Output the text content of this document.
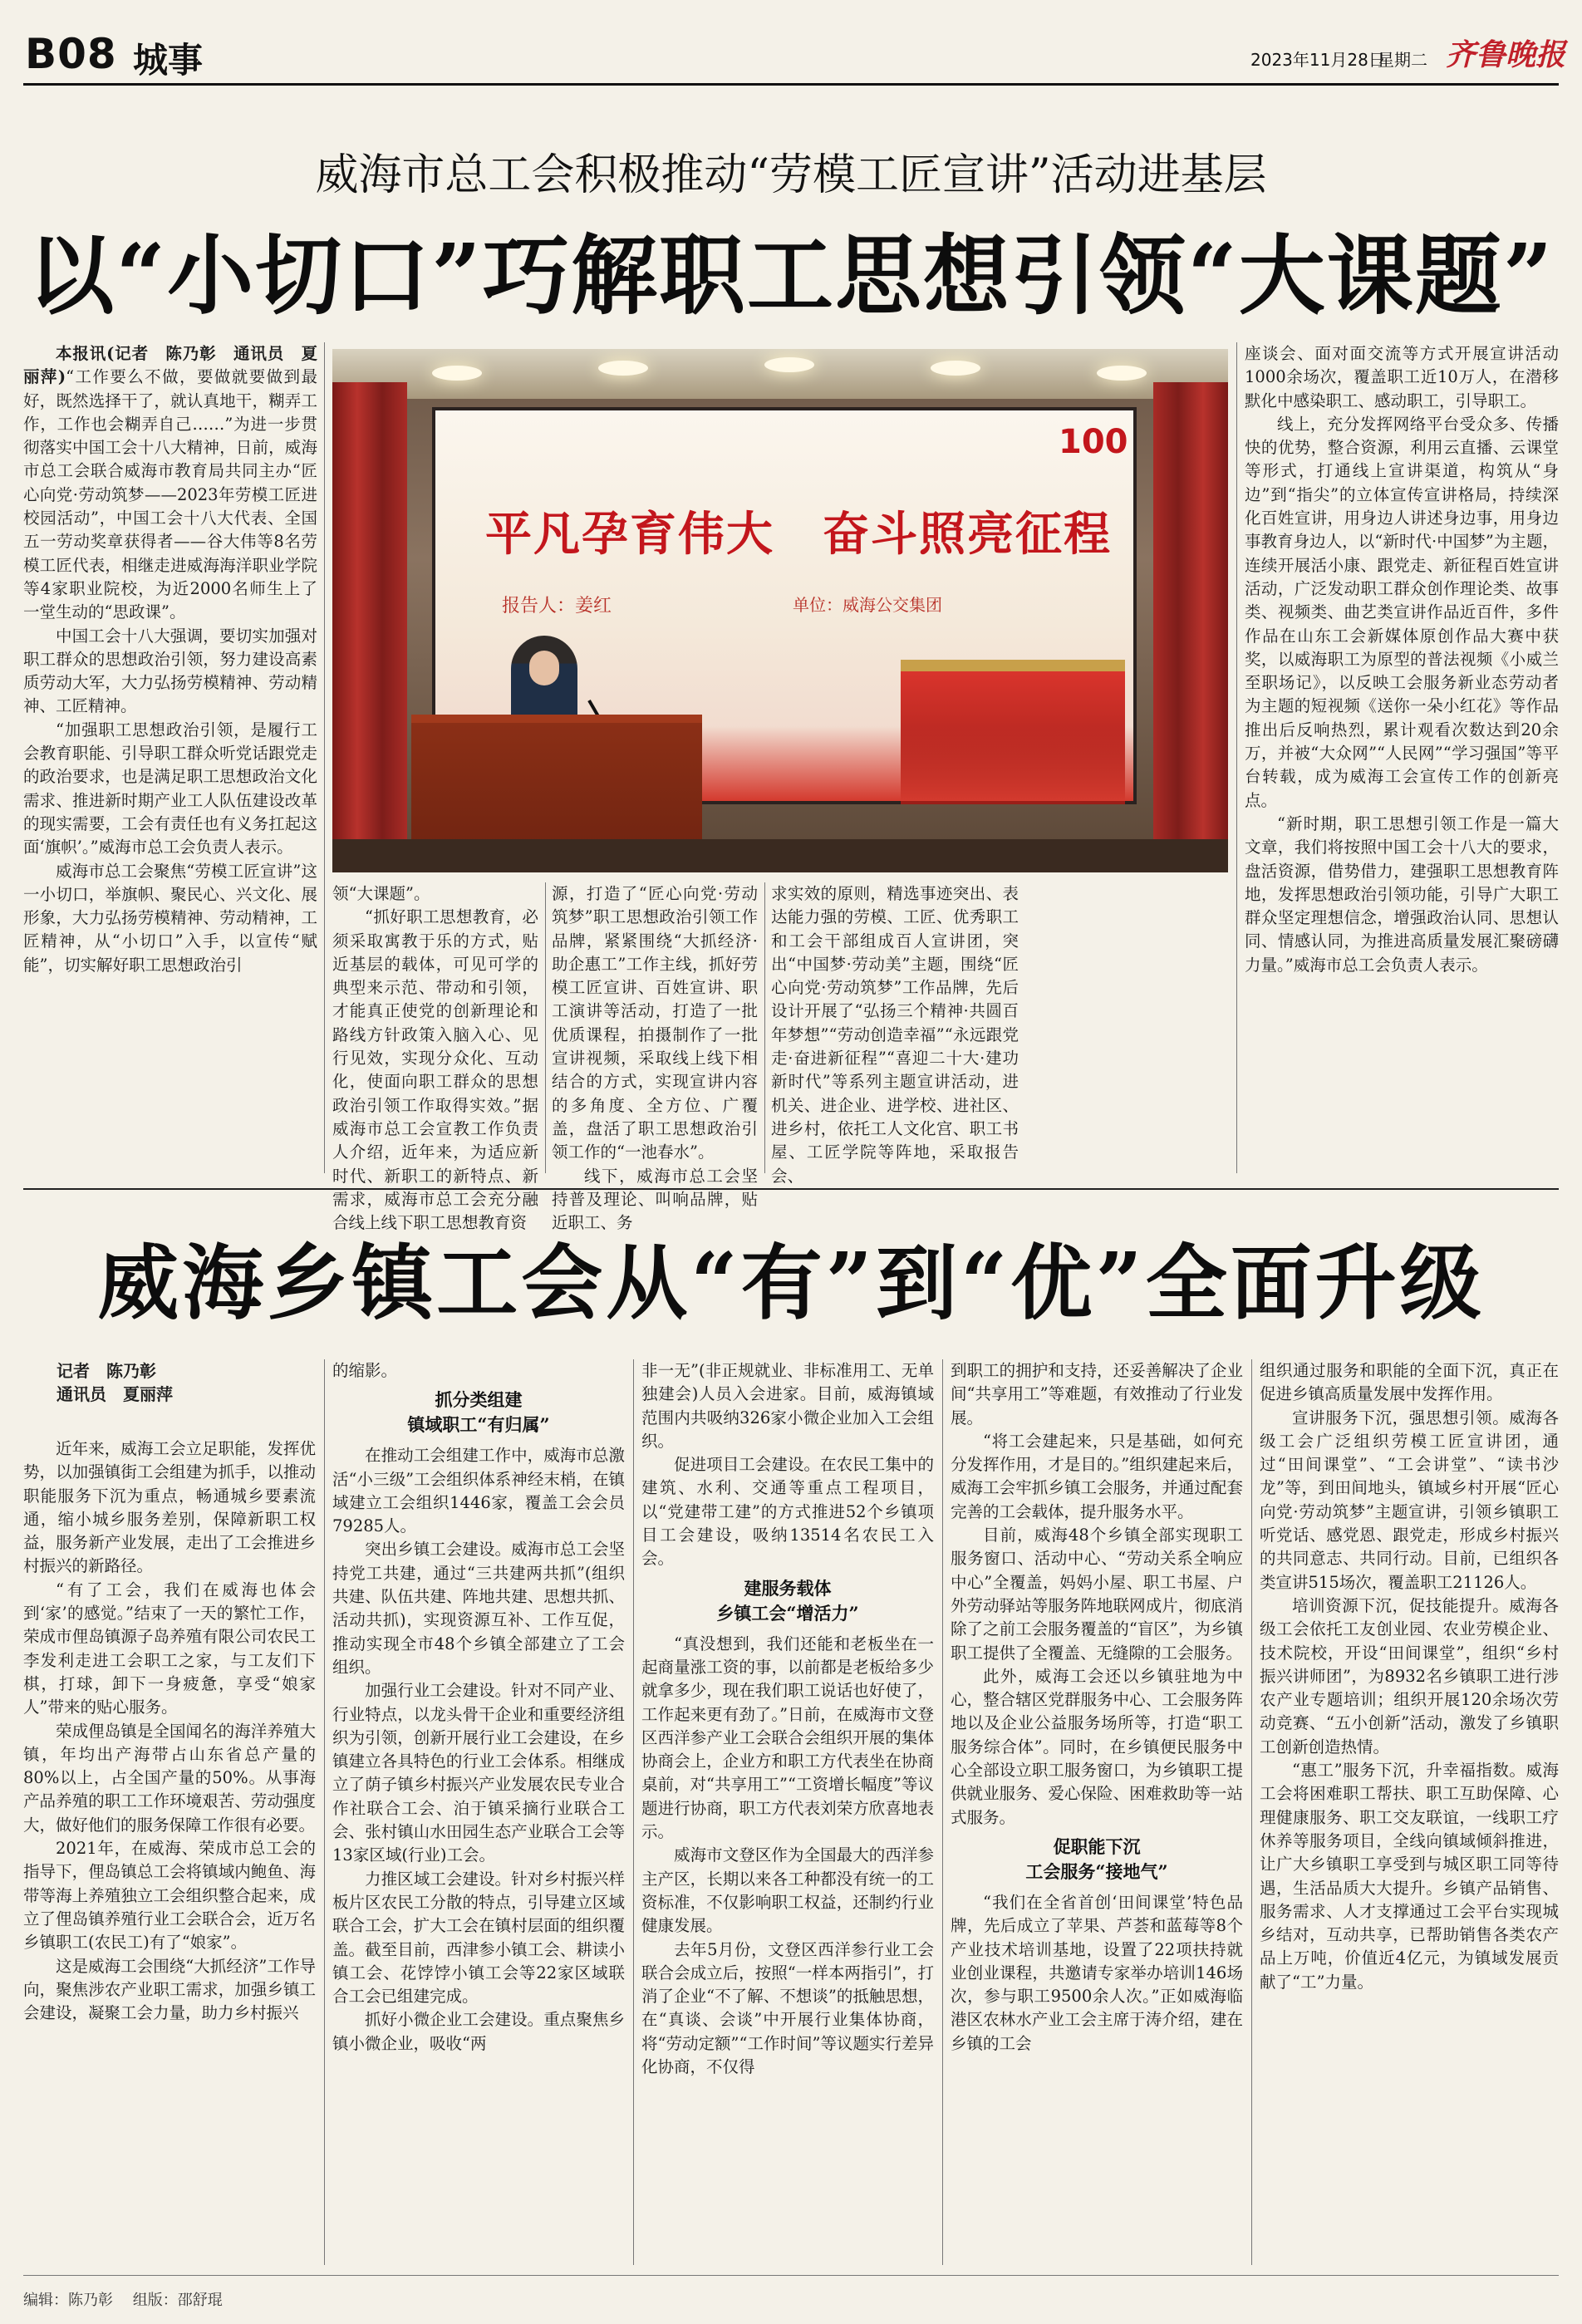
B08 城事	2023年11月28日
星期二 齐鲁晚报
威海市总工会积极推动“劳模工匠宣讲”活动进基层
以“小切口”巧解职工思想引领“大课题”

本报讯(记者　陈乃彰　通讯员　夏丽萍)“工作要么不做，要做就要做到最好，既然选择干了，就认真地干，糊弄工作，工作也会糊弄自己……”为进一步贯彻落实中国工会十八大精神，日前，威海市总工会联合威海市教育局共同主办“匠心向党·劳动筑梦——2023年劳模工匠进校园活动”，中国工会十八大代表、全国五一劳动奖章获得者——谷大伟等8名劳模工匠代表，相继走进威海海洋职业学院等4家职业院校，为近2000名师生上了一堂生动的“思政课”。

中国工会十八大强调，要切实加强对职工群众的思想政治引领，努力建设高素质劳动大军，大力弘扬劳模精神、劳动精神、工匠精神。

“加强职工思想政治引领，是履行工会教育职能、引导职工群众听党话跟党走的政治要求，也是满足职工思想政治文化需求、推进新时期产业工人队伍建设改革的现实需要，工会有责任也有义务扛起这面‘旗帜’。”威海市总工会负责人表示。

威海市总工会聚焦“劳模工匠宣讲”这一小切口，举旗帜、聚民心、兴文化、展形象，大力弘扬劳模精神、劳动精神，工匠精神，从“小切口”入手，以宣传“赋能”，切实解好职工思想政治引

100
平凡孕育伟大　奋斗照亮征程
报告人：姜红	单位：威海公交集团

领“大课题”。

“抓好职工思想教育，必须采取寓教于乐的方式，贴近基层的载体，可见可学的典型来示范、带动和引领，才能真正使党的创新理论和路线方针政策入脑入心、见行见效，实现分众化、互动化，使面向职工群众的思想政治引领工作取得实效。”据威海市总工会宣教工作负责人介绍，近年来，为适应新时代、新职工的新特点、新需求，威海市总工会充分融合线上线下职工思想教育资

源，打造了“匠心向党·劳动筑梦”职工思想政治引领工作品牌，紧紧围绕“大抓经济·助企惠工”工作主线，抓好劳模工匠宣讲、百姓宣讲、职工演讲等活动，打造了一批优质课程，拍摄制作了一批宣讲视频，采取线上线下相结合的方式，实现宣讲内容的多角度、全方位、广覆盖，盘活了职工思想政治引领工作的“一池春水”。

线下，威海市总工会坚持普及理论、叫响品牌，贴近职工、务

求实效的原则，精选事迹突出、表达能力强的劳模、工匠、优秀职工和工会干部组成百人宣讲团，突出“中国梦·劳动美”主题，围绕“匠心向党·劳动筑梦”工作品牌，先后设计开展了“弘扬三个精神·共圆百年梦想”“劳动创造幸福”“永远跟党走·奋进新征程”“喜迎二十大·建功新时代”等系列主题宣讲活动，进机关、进企业、进学校、进社区、进乡村，依托工人文化宫、职工书屋、工匠学院等阵地，采取报告会、

座谈会、面对面交流等方式开展宣讲活动1000余场次，覆盖职工近10万人，在潜移默化中感染职工、感动职工，引导职工。

线上，充分发挥网络平台受众多、传播快的优势，整合资源，利用云直播、云课堂等形式，打通线上宣讲渠道，构筑从“身边”到“指尖”的立体宣传宣讲格局，持续深化百姓宣讲，用身边人讲述身边事，用身边事教育身边人，以“新时代·中国梦”为主题，连续开展活小康、跟党走、新征程百姓宣讲活动，广泛发动职工群众创作理论类、故事类、视频类、曲艺类宣讲作品近百件，多件作品在山东工会新媒体原创作品大赛中获奖，以威海职工为原型的普法视频《小威兰至职场记》，以反映工会服务新业态劳动者为主题的短视频《送你一朵小红花》等作品推出后反响热烈，累计观看次数达到20余万，并被“大众网”“人民网”“学习强国”等平台转载，成为威海工会宣传工作的创新亮点。

“新时期，职工思想引领工作是一篇大文章，我们将按照中国工会十八大的要求，盘活资源，借势借力，建强职工思想教育阵地，发挥思想政治引领功能，引导广大职工群众坚定理想信念，增强政治认同、思想认同、情感认同，为推进高质量发展汇聚磅礴力量。”威海市总工会负责人表示。

威海乡镇工会从“有”到“优”全面升级
记者　陈乃彰
通讯员　夏丽萍

近年来，威海工会立足职能，发挥优势，以加强镇街工会组建为抓手，以推动职能服务下沉为重点，畅通城乡要素流通，缩小城乡服务差别，保障新职工权益，服务新产业发展，走出了工会推进乡村振兴的新路径。

“有了工会，我们在威海也体会到‘家’的感觉。”结束了一天的繁忙工作，荣成市俚岛镇源子岛养殖有限公司农民工李发利走进工会职工之家，与工友们下棋，打球，卸下一身疲惫，享受“娘家人”带来的贴心服务。

荣成俚岛镇是全国闻名的海洋养殖大镇，年均出产海带占山东省总产量的80%以上，占全国产量的50%。从事海产品养殖的职工工作环境艰苦、劳动强度大，做好他们的服务保障工作很有必要。

2021年，在威海、荣成市总工会的指导下，俚岛镇总工会将镇域内鲍鱼、海带等海上养殖独立工会组织整合起来，成立了俚岛镇养殖行业工会联合会，近万名乡镇职工(农民工)有了“娘家”。

这是威海工会围绕“大抓经济”工作导向，聚焦涉农产业职工需求，加强乡镇工会建设，凝聚工会力量，助力乡村振兴

的缩影。

抓分类组建
镇域职工“有归属”

在推动工会组建工作中，威海市总激活“小三级”工会组织体系神经末梢，在镇域建立工会组织1446家，覆盖工会会员79285人。

突出乡镇工会建设。威海市总工会坚持党工共建，通过“三共建两共抓”(组织共建、队伍共建、阵地共建、思想共抓、活动共抓)，实现资源互补、工作互促，推动实现全市48个乡镇全部建立了工会组织。

加强行业工会建设。针对不同产业、行业特点，以龙头骨干企业和重要经济组织为引领，创新开展行业工会建设，在乡镇建立各具特色的行业工会体系。相继成立了荫子镇乡村振兴产业发展农民专业合作社联合工会、泊于镇采摘行业联合工会、张村镇山水田园生态产业联合工会等13家区域(行业)工会。

力推区域工会建设。针对乡村振兴样板片区农民工分散的特点，引导建立区域联合工会，扩大工会在镇村层面的组织覆盖。截至目前，西津参小镇工会、耕读小镇工会、花饽饽小镇工会等22家区域联合工会已组建完成。

抓好小微企业工会建设。重点聚焦乡镇小微企业，吸收“两

非一无”(非正规就业、非标准用工、无单独建会)人员入会进家。目前，威海镇域范围内共吸纳326家小微企业加入工会组织。

促进项目工会建设。在农民工集中的建筑、水利、交通等重点工程项目，以“党建带工建”的方式推进52个乡镇项目工会建设，吸纳13514名农民工入会。

建服务载体
乡镇工会“增活力”

“真没想到，我们还能和老板坐在一起商量涨工资的事，以前都是老板给多少就拿多少，现在我们职工说话也好使了，工作起来更有劲了。”日前，在威海市文登区西洋参产业工会联合会组织开展的集体协商会上，企业方和职工方代表坐在协商桌前，对“共享用工”“工资增长幅度”等议题进行协商，职工方代表刘荣方欣喜地表示。

威海市文登区作为全国最大的西洋参主产区，长期以来各工种都没有统一的工资标准，不仅影响职工权益，还制约行业健康发展。

去年5月份，文登区西洋参行业工会联合会成立后，按照“一样本两指引”，打消了企业“不了解、不想谈”的抵触思想，在“真谈、会谈”中开展行业集体协商，将“劳动定额”“工作时间”等议题实行差异化协商，不仅得

到职工的拥护和支持，还妥善解决了企业间“共享用工”等难题，有效推动了行业发展。

“将工会建起来，只是基础，如何充分发挥作用，才是目的。”组织建起来后，威海工会牢抓乡镇工会服务，并通过配套完善的工会载体，提升服务水平。

目前，威海48个乡镇全部实现职工服务窗口、活动中心、“劳动关系全响应中心”全覆盖，妈妈小屋、职工书屋、户外劳动驿站等服务阵地联网成片，彻底消除了之前工会服务覆盖的“盲区”，为乡镇职工提供了全覆盖、无缝隙的工会服务。

此外，威海工会还以乡镇驻地为中心，整合辖区党群服务中心、工会服务阵地以及企业公益服务场所等，打造“职工服务综合体”。同时，在乡镇便民服务中心全部设立职工服务窗口，为乡镇职工提供就业服务、爱心保险、困难救助等一站式服务。

促职能下沉
工会服务“接地气”

“我们在全省首创‘田间课堂’特色品牌，先后成立了苹果、芦荟和蓝莓等8个产业技术培训基地，设置了22项扶持就业创业课程，共邀请专家举办培训146场次，参与职工9500余人次。”正如威海临港区农林水产业工会主席于涛介绍，建在乡镇的工会

组织通过服务和职能的全面下沉，真正在促进乡镇高质量发展中发挥作用。

宣讲服务下沉，强思想引领。威海各级工会广泛组织劳模工匠宣讲团，通过“田间课堂”、“工会讲堂”、“读书沙龙”等，到田间地头，镇域乡村开展“匠心向党·劳动筑梦”主题宣讲，引领乡镇职工听党话、感党恩、跟党走，形成乡村振兴的共同意志、共同行动。目前，已组织各类宣讲515场次，覆盖职工21126人。

培训资源下沉，促技能提升。威海各级工会依托工友创业园、农业劳模企业、技术院校，开设“田间课堂”，组织“乡村振兴讲师团”，为8932名乡镇职工进行涉农产业专题培训；组织开展120余场次劳动竞赛、“五小创新”活动，激发了乡镇职工创新创造热情。

“惠工”服务下沉，升幸福指数。威海工会将困难职工帮扶、职工互助保障、心理健康服务、职工交友联谊，一线职工疗休养等服务项目，全线向镇域倾斜推进，让广大乡镇职工享受到与城区职工同等待遇，生活品质大大提升。乡镇产品销售、服务需求、人才支撑通过工会平台实现城乡结对，互动共享，已帮助销售各类农产品上万吨，价值近4亿元，为镇域发展贡献了“工”力量。

编辑：陈乃彰 组版：邵舒琨
